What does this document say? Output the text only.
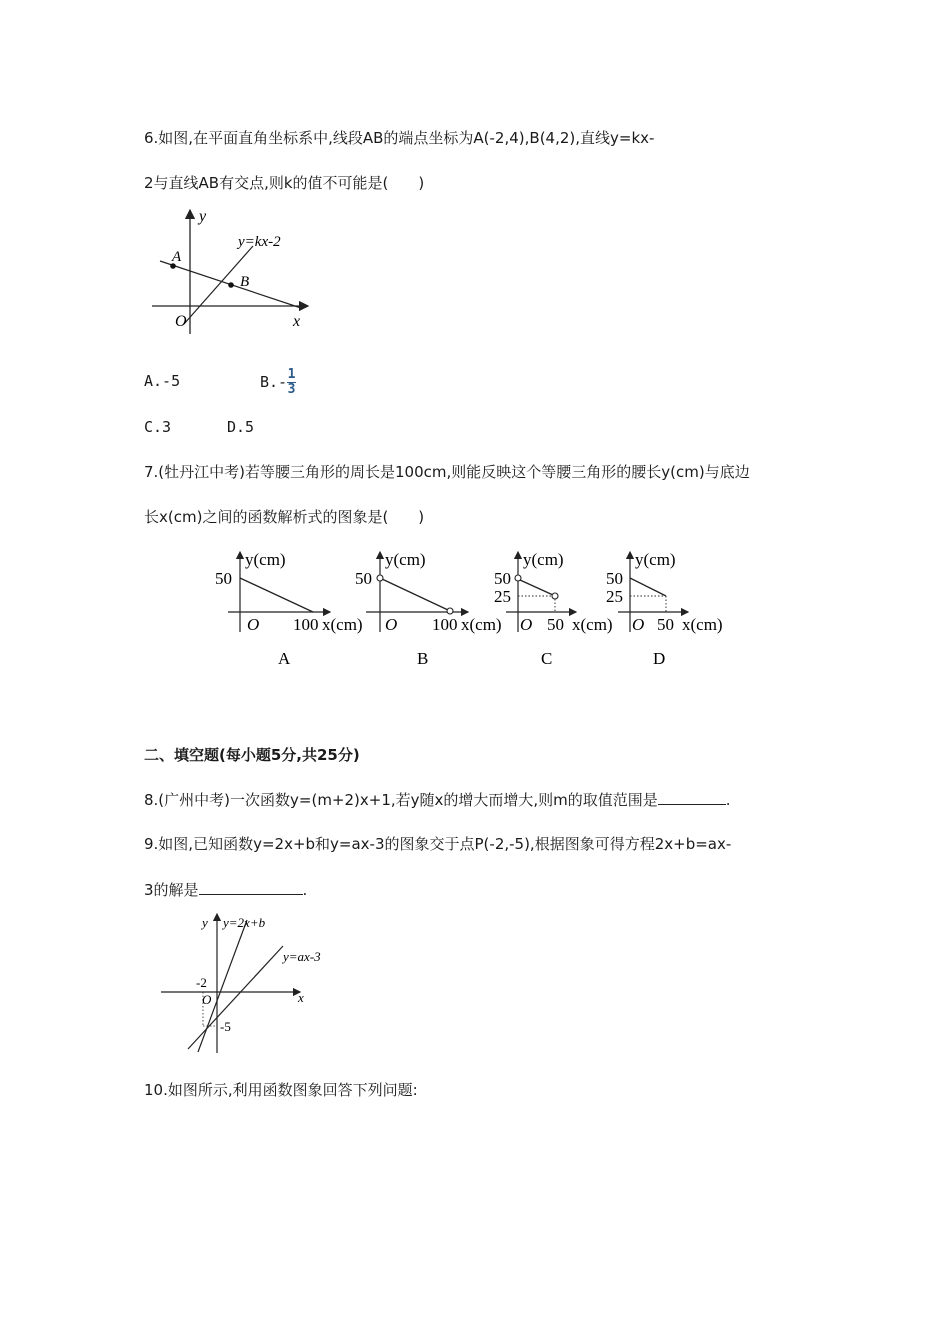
6.如图,在平面直角坐标系中,线段AB的端点坐标为A(-2,4),B(4,2),直线y=kx-
2与直线AB有交点,则k的值不可能是(　　)
y
x
O
y=kx-2
A
B
A.-5	$B.- \frac{1}{3}$
C.3	D.5
7.(牡丹江中考)若等腰三角形的周长是100cm,则能反映这个等腰三角形的腰长y(cm)与底边
长x(cm)之间的函数解析式的图象是(　　)
y(cm)
50
O 100 x(cm)
A
y(cm)
50
O 100 x(cm)
B
y(cm)
50
25
O 50 x(cm)
C
y(cm)
50
25
O 50 x(cm)
D
二、填空题(每小题5分,共25分)
8.(广州中考)一次函数y=(m+2)x+1,若y随x的增大而增大,则m的取值范围是	.
9.如图,已知函数y=2x+b和y=ax-3的图象交于点P(-2,-5),根据图象可得方程2x+b=ax-
3的解是	.
y y=2x+b
y=ax-3
x
O
-2
-5
10.如图所示,利用函数图象回答下列问题:
